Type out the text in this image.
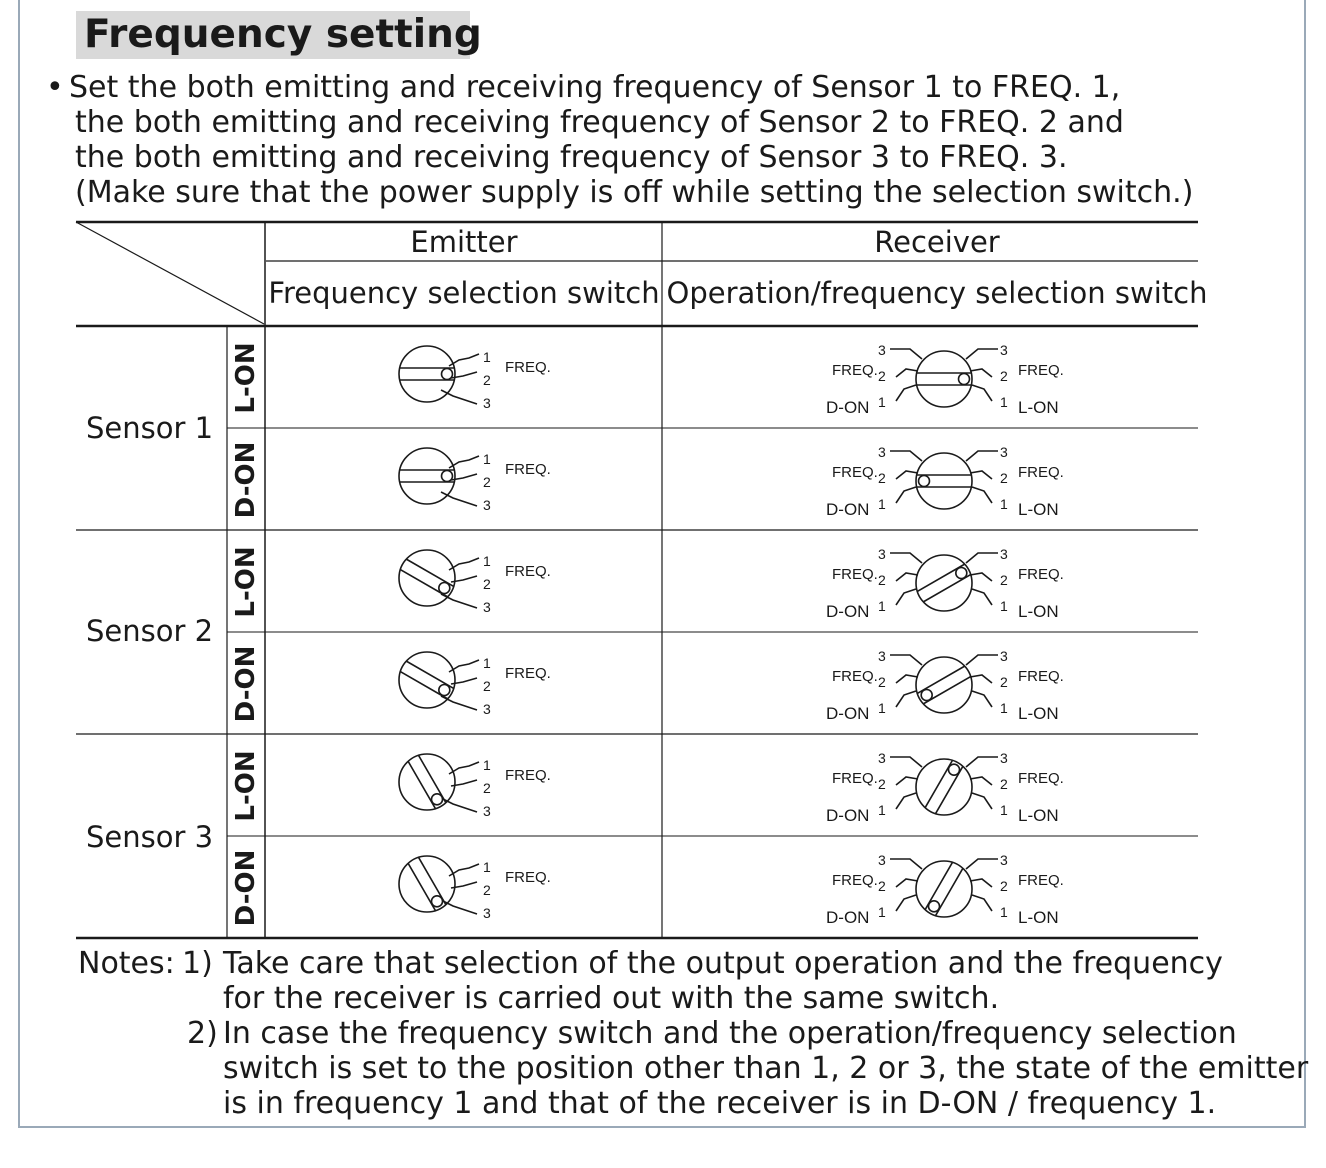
Frequency setting
• Set the both emitting and receiving frequency of Sensor 1 to FREQ. 1,
the both emitting and receiving frequency of Sensor 2 to FREQ. 2 and
the both emitting and receiving frequency of Sensor 3 to FREQ. 3.
(Make sure that the power supply is off while setting the selection switch.)
Emitter	Receiver
Frequency selection switch Operation/frequency selection switch
Sensor 1
Sensor 2
Sensor 3
L-ON
D-ON
L-ON
D-ON
L-ON
D-ON
1
2
3
FREQ.
3
2
1
3
2
1
FREQ.
D-ON
FREQ.
L-ON
1
2
3
FREQ.
3
2
1
3
2
1
FREQ.
D-ON
FREQ.
L-ON
1
2
3
FREQ.
3
2
1
3
2
1
FREQ.
D-ON
FREQ.
L-ON
1
2
3
FREQ.
3
2
1
3
2
1
FREQ.
D-ON
FREQ.
L-ON
1
2
3
FREQ.
3
2
1
3
2
1
FREQ.
D-ON
FREQ.
L-ON
1
2
3
FREQ.
3
2
1
3
2
1
FREQ.
D-ON
FREQ.
L-ON
Notes: 1) Take care that selection of the output operation and the frequency
for the receiver is carried out with the same switch.
2) In case the frequency switch and the operation/frequency selection
switch is set to the position other than 1, 2 or 3, the state of the emitter
is in frequency 1 and that of the receiver is in D-ON / frequency 1.
